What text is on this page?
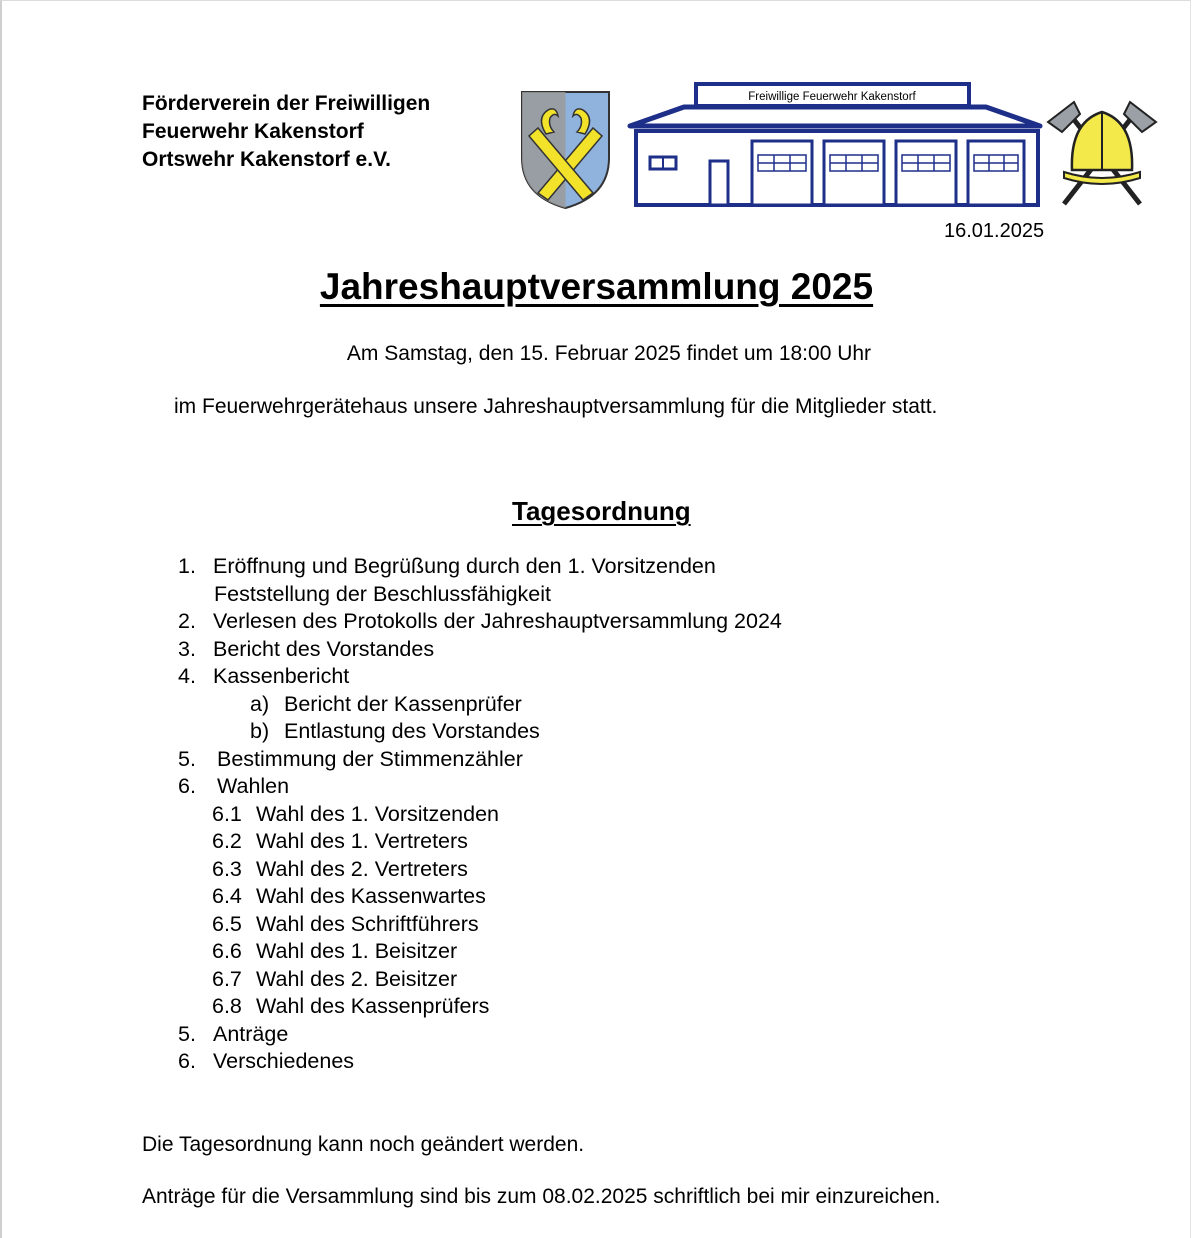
Förderverein der Freiwilligen
Feuerwehr Kakenstorf
Ortswehr Kakenstorf e.V.
Freiwillige Feuerwehr Kakenstorf
16.01.2025
Jahreshauptversammlung 2025
Am Samstag, den 15. Februar 2025 findet um 18:00 Uhr
im Feuerwehrgerätehaus unsere Jahreshauptversammlung für die Mitglieder statt.
Tagesordnung
1. Eröffnung und Begrüßung durch den 1. Vorsitzenden
Feststellung der Beschlussfähigkeit
2. Verlesen des Protokolls der Jahreshauptversammlung 2024
3. Bericht des Vorstandes
4. Kassenbericht
a) Bericht der Kassenprüfer
b) Entlastung des Vorstandes
5. Bestimmung der Stimmenzähler
6. Wahlen
6.1 Wahl des 1. Vorsitzenden
6.2 Wahl des 1. Vertreters
6.3 Wahl des 2. Vertreters
6.4 Wahl des Kassenwartes
6.5 Wahl des Schriftführers
6.6 Wahl des 1. Beisitzer
6.7 Wahl des 2. Beisitzer
6.8 Wahl des Kassenprüfers
5. Anträge
6. Verschiedenes
Die Tagesordnung kann noch geändert werden.
Anträge für die Versammlung sind bis zum 08.02.2025 schriftlich bei mir einzureichen.
